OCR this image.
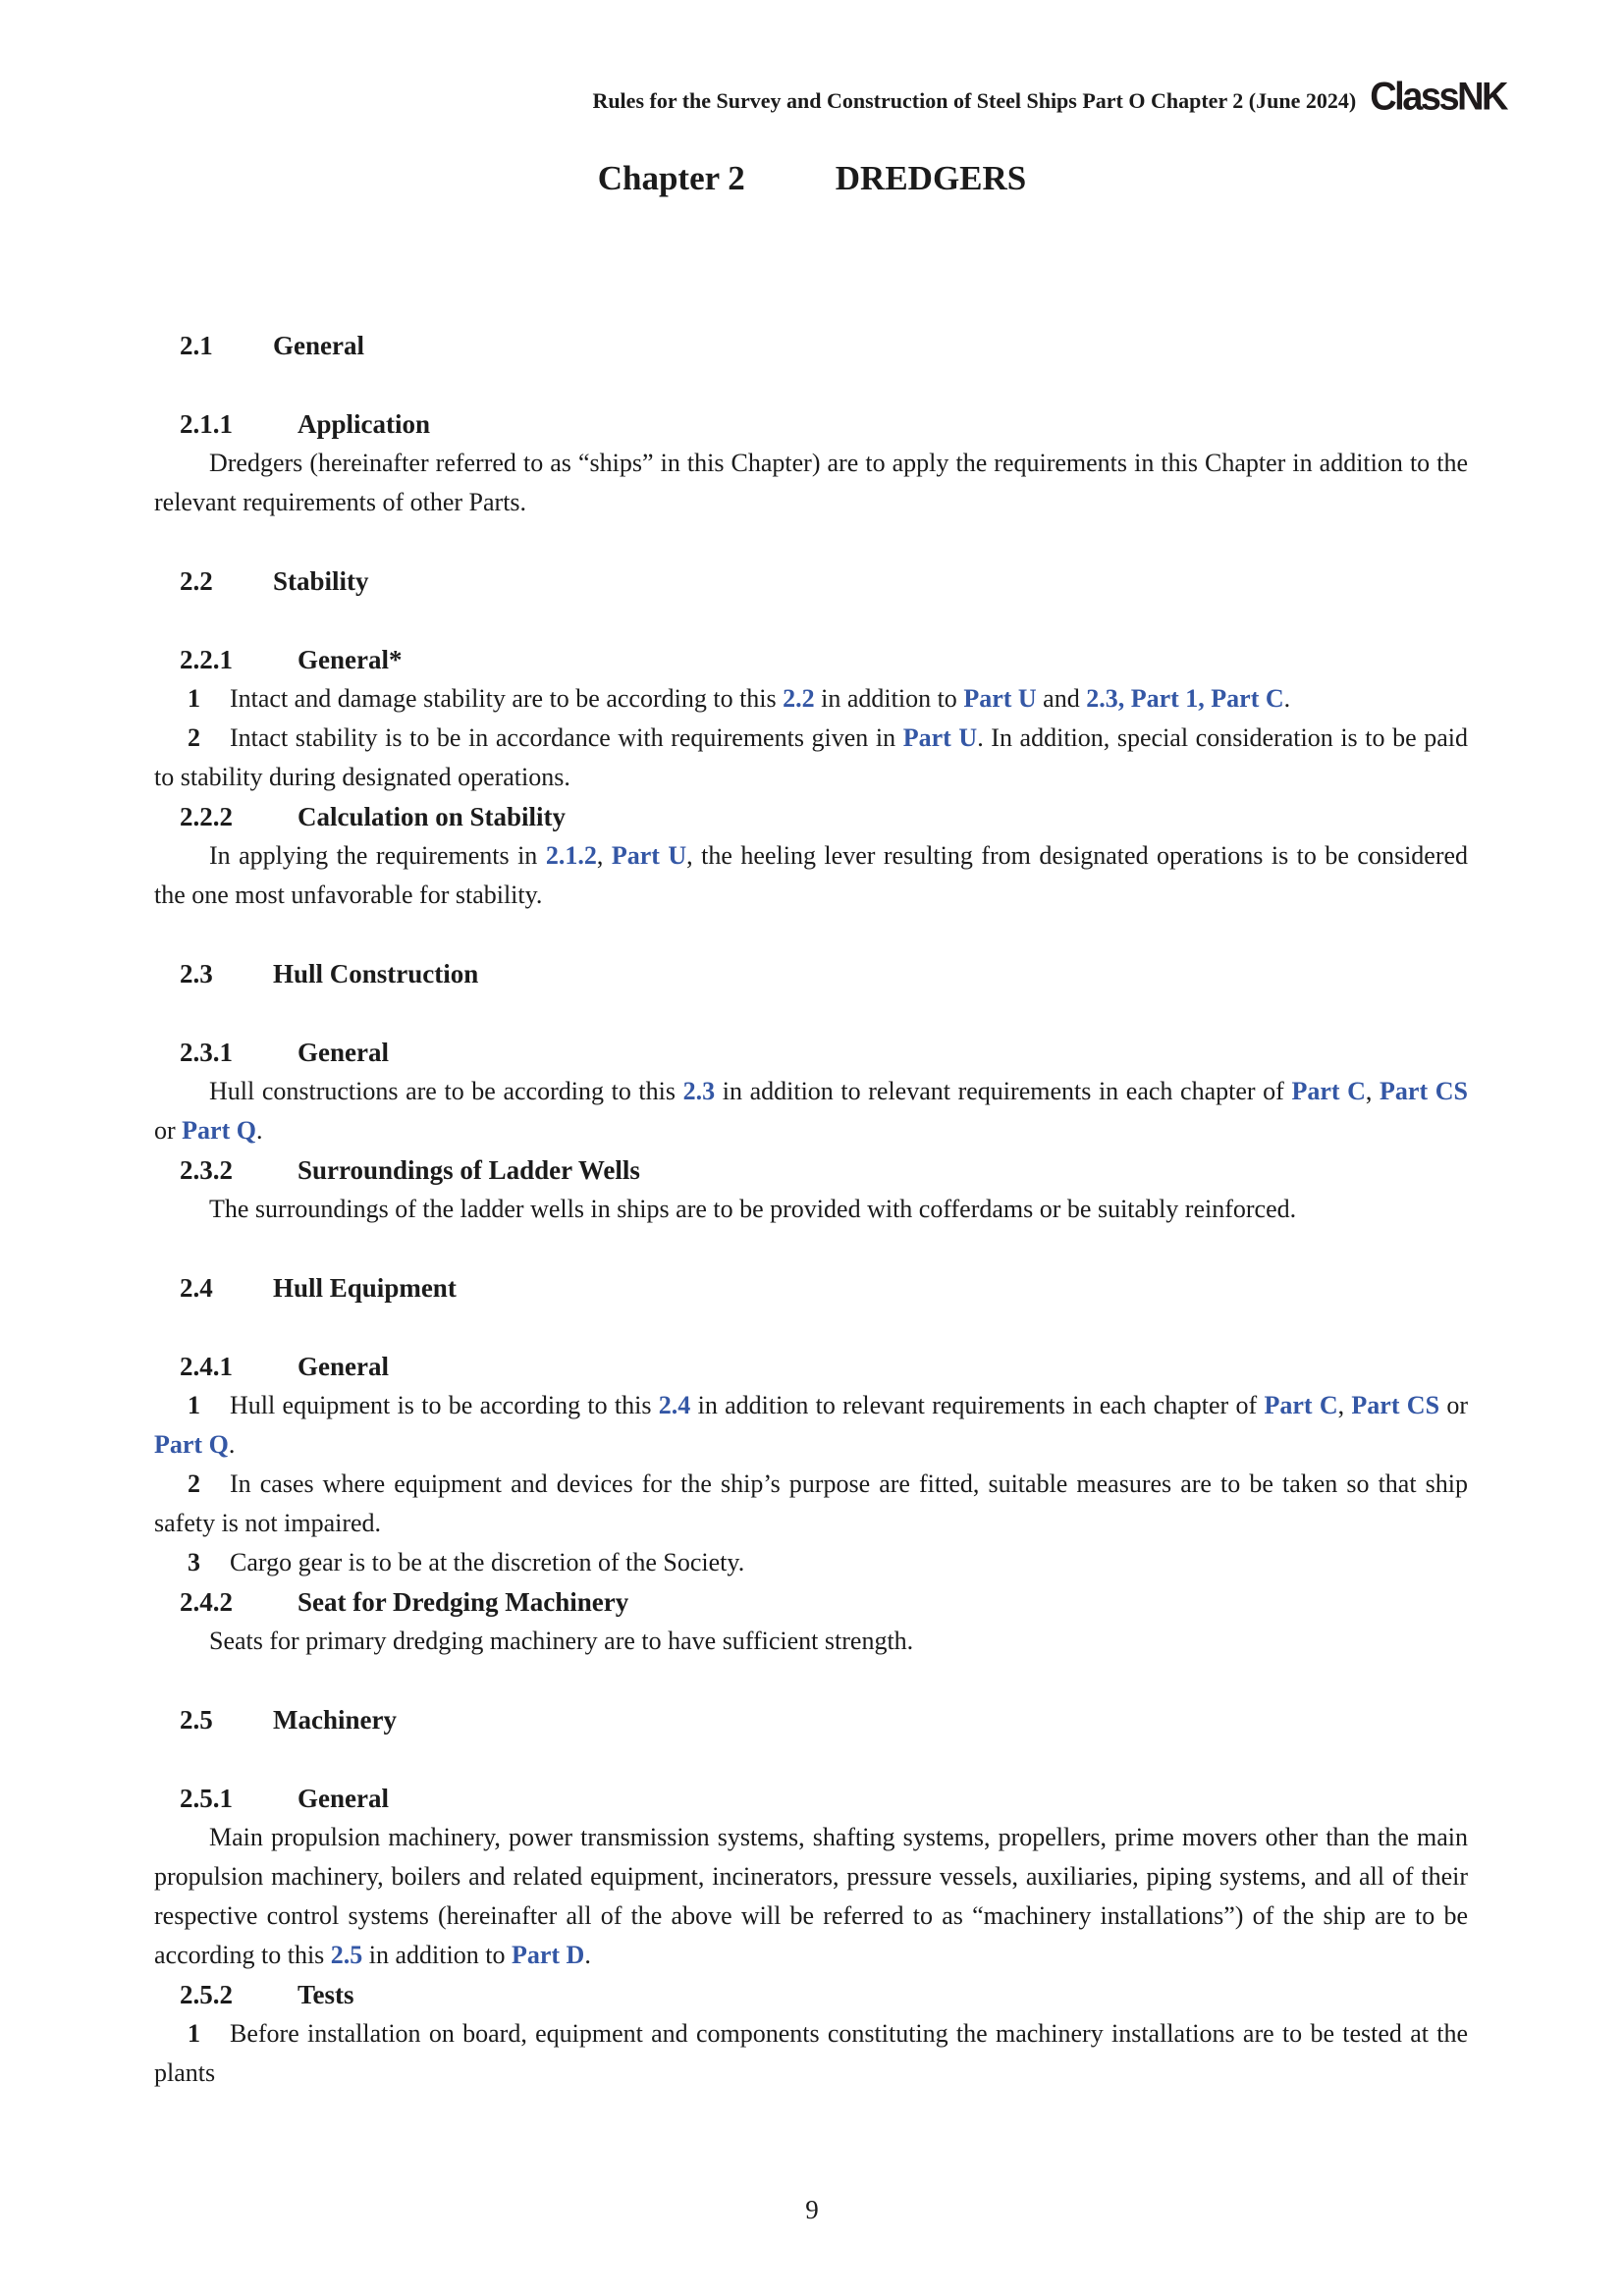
Rules for the Survey and Construction of Steel Ships Part O Chapter 2 (June 2024) ClassNK
Chapter 2	DREDGERS
2.1 General
2.1.1 Application

Dredgers (hereinafter referred to as “ships” in this Chapter) are to apply the requirements in this Chapter in addition to the relevant requirements of other Parts.

2.2 Stability
2.2.1 General*

1 Intact and damage stability are to be according to this 2.2 in addition to Part U and 2.3, Part 1, Part C.

2 Intact stability is to be in accordance with requirements given in Part U. In addition, special consideration is to be paid to stability during designated operations.

2.2.2 Calculation on Stability

In applying the requirements in 2.1.2, Part U, the heeling lever resulting from designated operations is to be considered the one most unfavorable for stability.

2.3 Hull Construction
2.3.1 General

Hull constructions are to be according to this 2.3 in addition to relevant requirements in each chapter of Part C, Part CS or Part Q.

2.3.2 Surroundings of Ladder Wells

The surroundings of the ladder wells in ships are to be provided with cofferdams or be suitably reinforced.

2.4 Hull Equipment
2.4.1 General

1 Hull equipment is to be according to this 2.4 in addition to relevant requirements in each chapter of Part C, Part CS or Part Q.

2 In cases where equipment and devices for the ship’s purpose are fitted, suitable measures are to be taken so that ship safety is not impaired.

3 Cargo gear is to be at the discretion of the Society.

2.4.2 Seat for Dredging Machinery

Seats for primary dredging machinery are to have sufficient strength.

2.5 Machinery
2.5.1 General

Main propulsion machinery, power transmission systems, shafting systems, propellers, prime movers other than the main propulsion machinery, boilers and related equipment, incinerators, pressure vessels, auxiliaries, piping systems, and all of their respective control systems (hereinafter all of the above will be referred to as “machinery installations”) of the ship are to be according to this 2.5 in addition to Part D.

2.5.2 Tests

1 Before installation on board, equipment and components constituting the machinery installations are to be tested at the plants

9
